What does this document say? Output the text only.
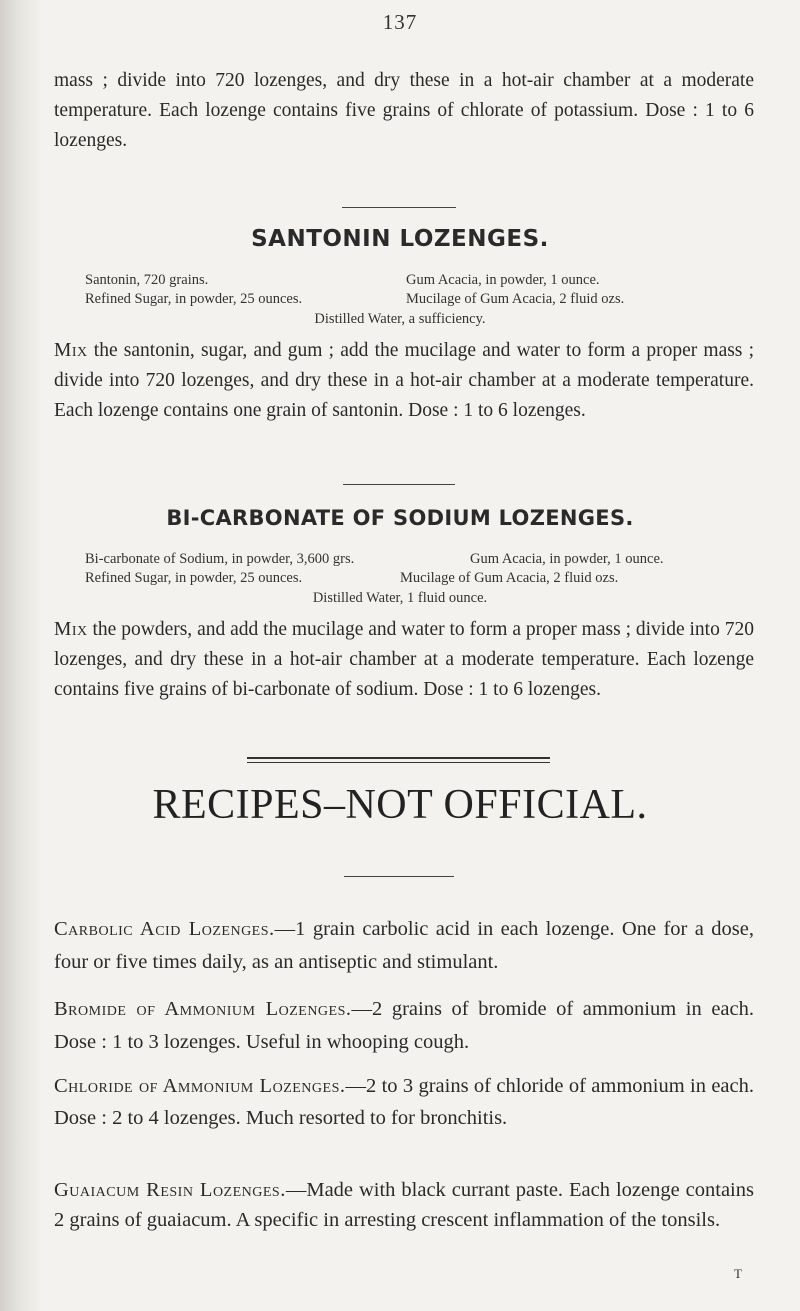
137

mass ; divide into 720 lozenges, and dry these in a hot-air chamber at a moderate temperature. Each lozenge contains five grains of chlorate of potassium. Dose : 1 to 6 lozenges.

SANTONIN LOZENGES.

Santonin, 720 grains.	Gum Acacia, in powder, 1 ounce.

Refined Sugar, in powder, 25 ounces.	Mucilage of Gum Acacia, 2 fluid ozs.

Distilled Water, a sufficiency.

Mix the santonin, sugar, and gum ; add the mucilage and water to form a proper mass ; divide into 720 lozenges, and dry these in a hot-air chamber at a moderate temperature. Each lozenge contains one grain of santonin. Dose : 1 to 6 lozenges.

BI-CARBONATE OF SODIUM LOZENGES.

Bi-carbonate of Sodium, in powder, 3,600 grs.	Gum Acacia, in powder, 1 ounce.

Refined Sugar, in powder, 25 ounces.	Mucilage of Gum Acacia, 2 fluid ozs.

Distilled Water, 1 fluid ounce.

Mix the powders, and add the mucilage and water to form a proper mass ; divide into 720 lozenges, and dry these in a hot-air chamber at a moderate temperature. Each lozenge contains five grains of bi-carbonate of sodium. Dose : 1 to 6 lozenges.

RECIPES–NOT OFFICIAL.

Carbolic Acid Lozenges.—1 grain carbolic acid in each lozenge. One for a dose, four or five times daily, as an antiseptic and stimulant.

Bromide of Ammonium Lozenges.—2 grains of bromide of ammonium in each. Dose : 1 to 3 lozenges. Useful in whooping cough.

Chloride of Ammonium Lozenges.—2 to 3 grains of chloride of ammonium in each. Dose : 2 to 4 lozenges. Much resorted to for bronchitis.

Guaiacum Resin Lozenges.—Made with black currant paste. Each lozenge contains 2 grains of guaiacum. A specific in arresting crescent inflammation of the tonsils.

T
